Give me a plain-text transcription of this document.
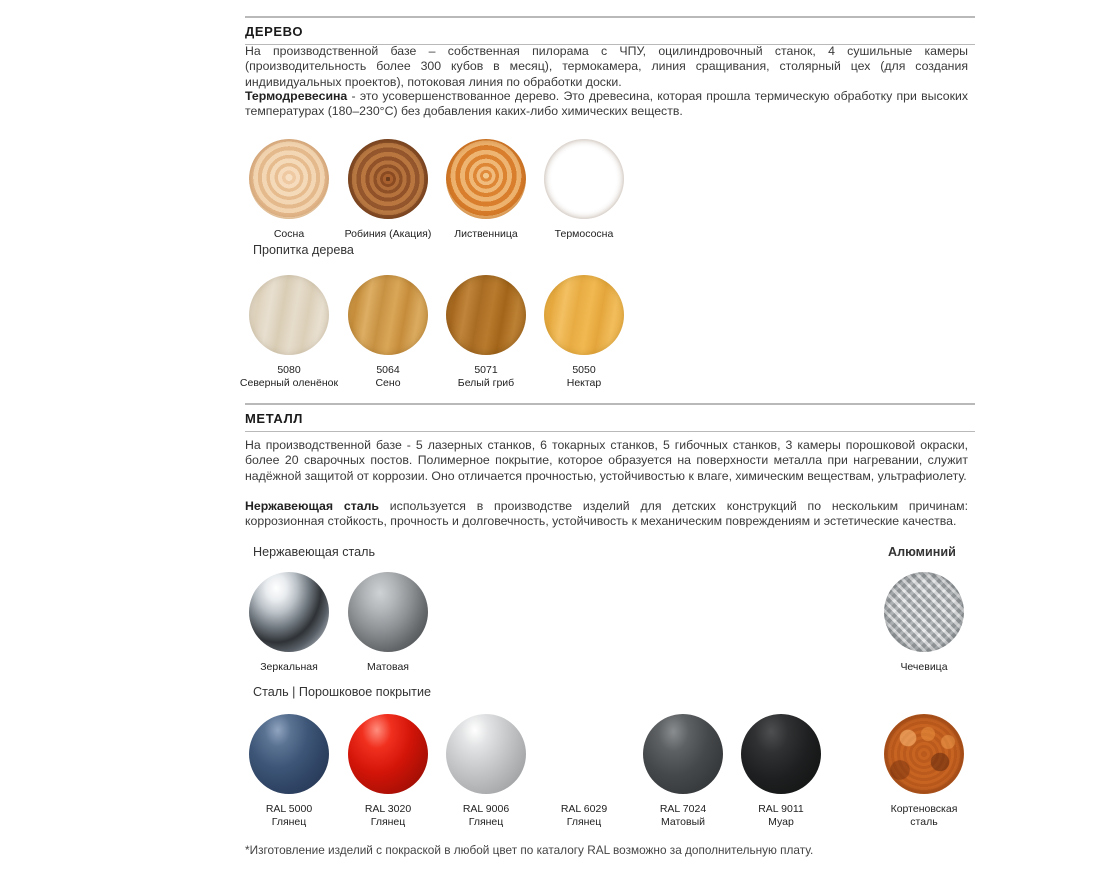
ДЕРЕВО
На производственной базе – собственная пилорама с ЧПУ, оцилиндровочный станок, 4 сушильные камеры (производительность более 300 кубов в месяц), термокамера, линия сращивания, столярный цех (для создания индивидуальных проектов), потоковая линия по обработки доски.
Термодревесина - это усовершенствованное дерево. Это древесина, которая прошла термическую обработку при высоких температурах (180–230°С) без добавления каких-либо химических веществ.
Сосна	Робиния (Акация)	Лиственница	Термососна
Пропитка дерева
5080
Северный оленёнок
5064
Сено
5071
Белый гриб
5050
Нектар
МЕТАЛЛ
На производственной базе - 5 лазерных станков, 6 токарных станков, 5 гибочных станков, 3 камеры порошковой окраски, более 20 сварочных постов. Полимерное покрытие, которое образуется на поверхности металла при нагревании, служит надёжной защитой от коррозии. Оно отличается прочностью, устойчивостью к влаге, химическим веществам, ультрафиолету.
Нержавеющая сталь используется в производстве изделий для детских конструкций по нескольким причинам: коррозионная стойкость, прочность и долговечность, устойчивость к механическим повреждениям и эстетические качества.
Нержавеющая сталь	Алюминий
Зеркальная	Матовая	Чечевица
Сталь | Порошковое покрытие
RAL 5000
Глянец
RAL 3020
Глянец
RAL 9006
Глянец
RAL 6029
Глянец
RAL 7024
Матовый
RAL 9011
Муар
Кортеновская
сталь
*Изготовление изделий с покраской в любой цвет по каталогу RAL возможно за дополнительную плату.
